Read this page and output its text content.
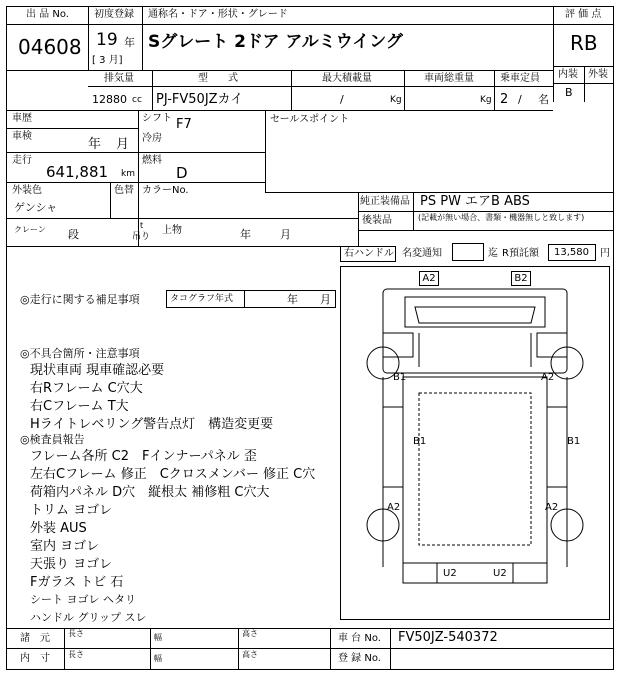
出 品 No.
04608
初度登録
19 年
[ 3 月]
通称名・ドア・形状・グレード
Sグレート 2ドア アルミウイング
評 価 点
RB
内装 外装
B
排気量	型　　式	最大積載量	車両総重量	乗車定員
12880 cc PJ-FV50JZカイ	/	Kg	Kg 2 / 名
車歴	シフト F7
車検
年 月 冷房
走行
641,881 km
燃料
D
外装色
ゲンシャ
色替 カラーNo.
セールスポイント
純正装備品 PS PW エアB ABS
後装品	(記載が無い場合、書類・機器無しと致します)
クレーン 段
t
吊り
上物	年	月
右ハンドル 名変通知	迄 R預託額 13,580 円
◎走行に関する補足事項	タコグラフ年式	年 月
◎不具合箇所・注意事項
現状車両 現車確認必要
右Rフレーム C穴大
右Cフレーム T大
Hライトレベリング警告点灯　構造変更要
◎検査員報告
フレーム各所 C2　Fインナーパネル 歪
左右Cフレーム 修正　Cクロスメンバー 修正 C穴
荷箱内パネル D穴　縦根太 補修粗 C穴大
トリム ヨゴレ
外装 AUS
室内 ヨゴレ
天張り ヨゴレ
Fガラス トビ 石
シート ヨゴレ ヘタリ
ハンドル グリップ スレ
A2	B2
B1	A2
B1	B1
A2	A2
U2	U2
諸　元 長さ	幅	高さ
内　寸 長さ	幅	高さ
車 台 No. FV50JZ-540372
登 録 No.
